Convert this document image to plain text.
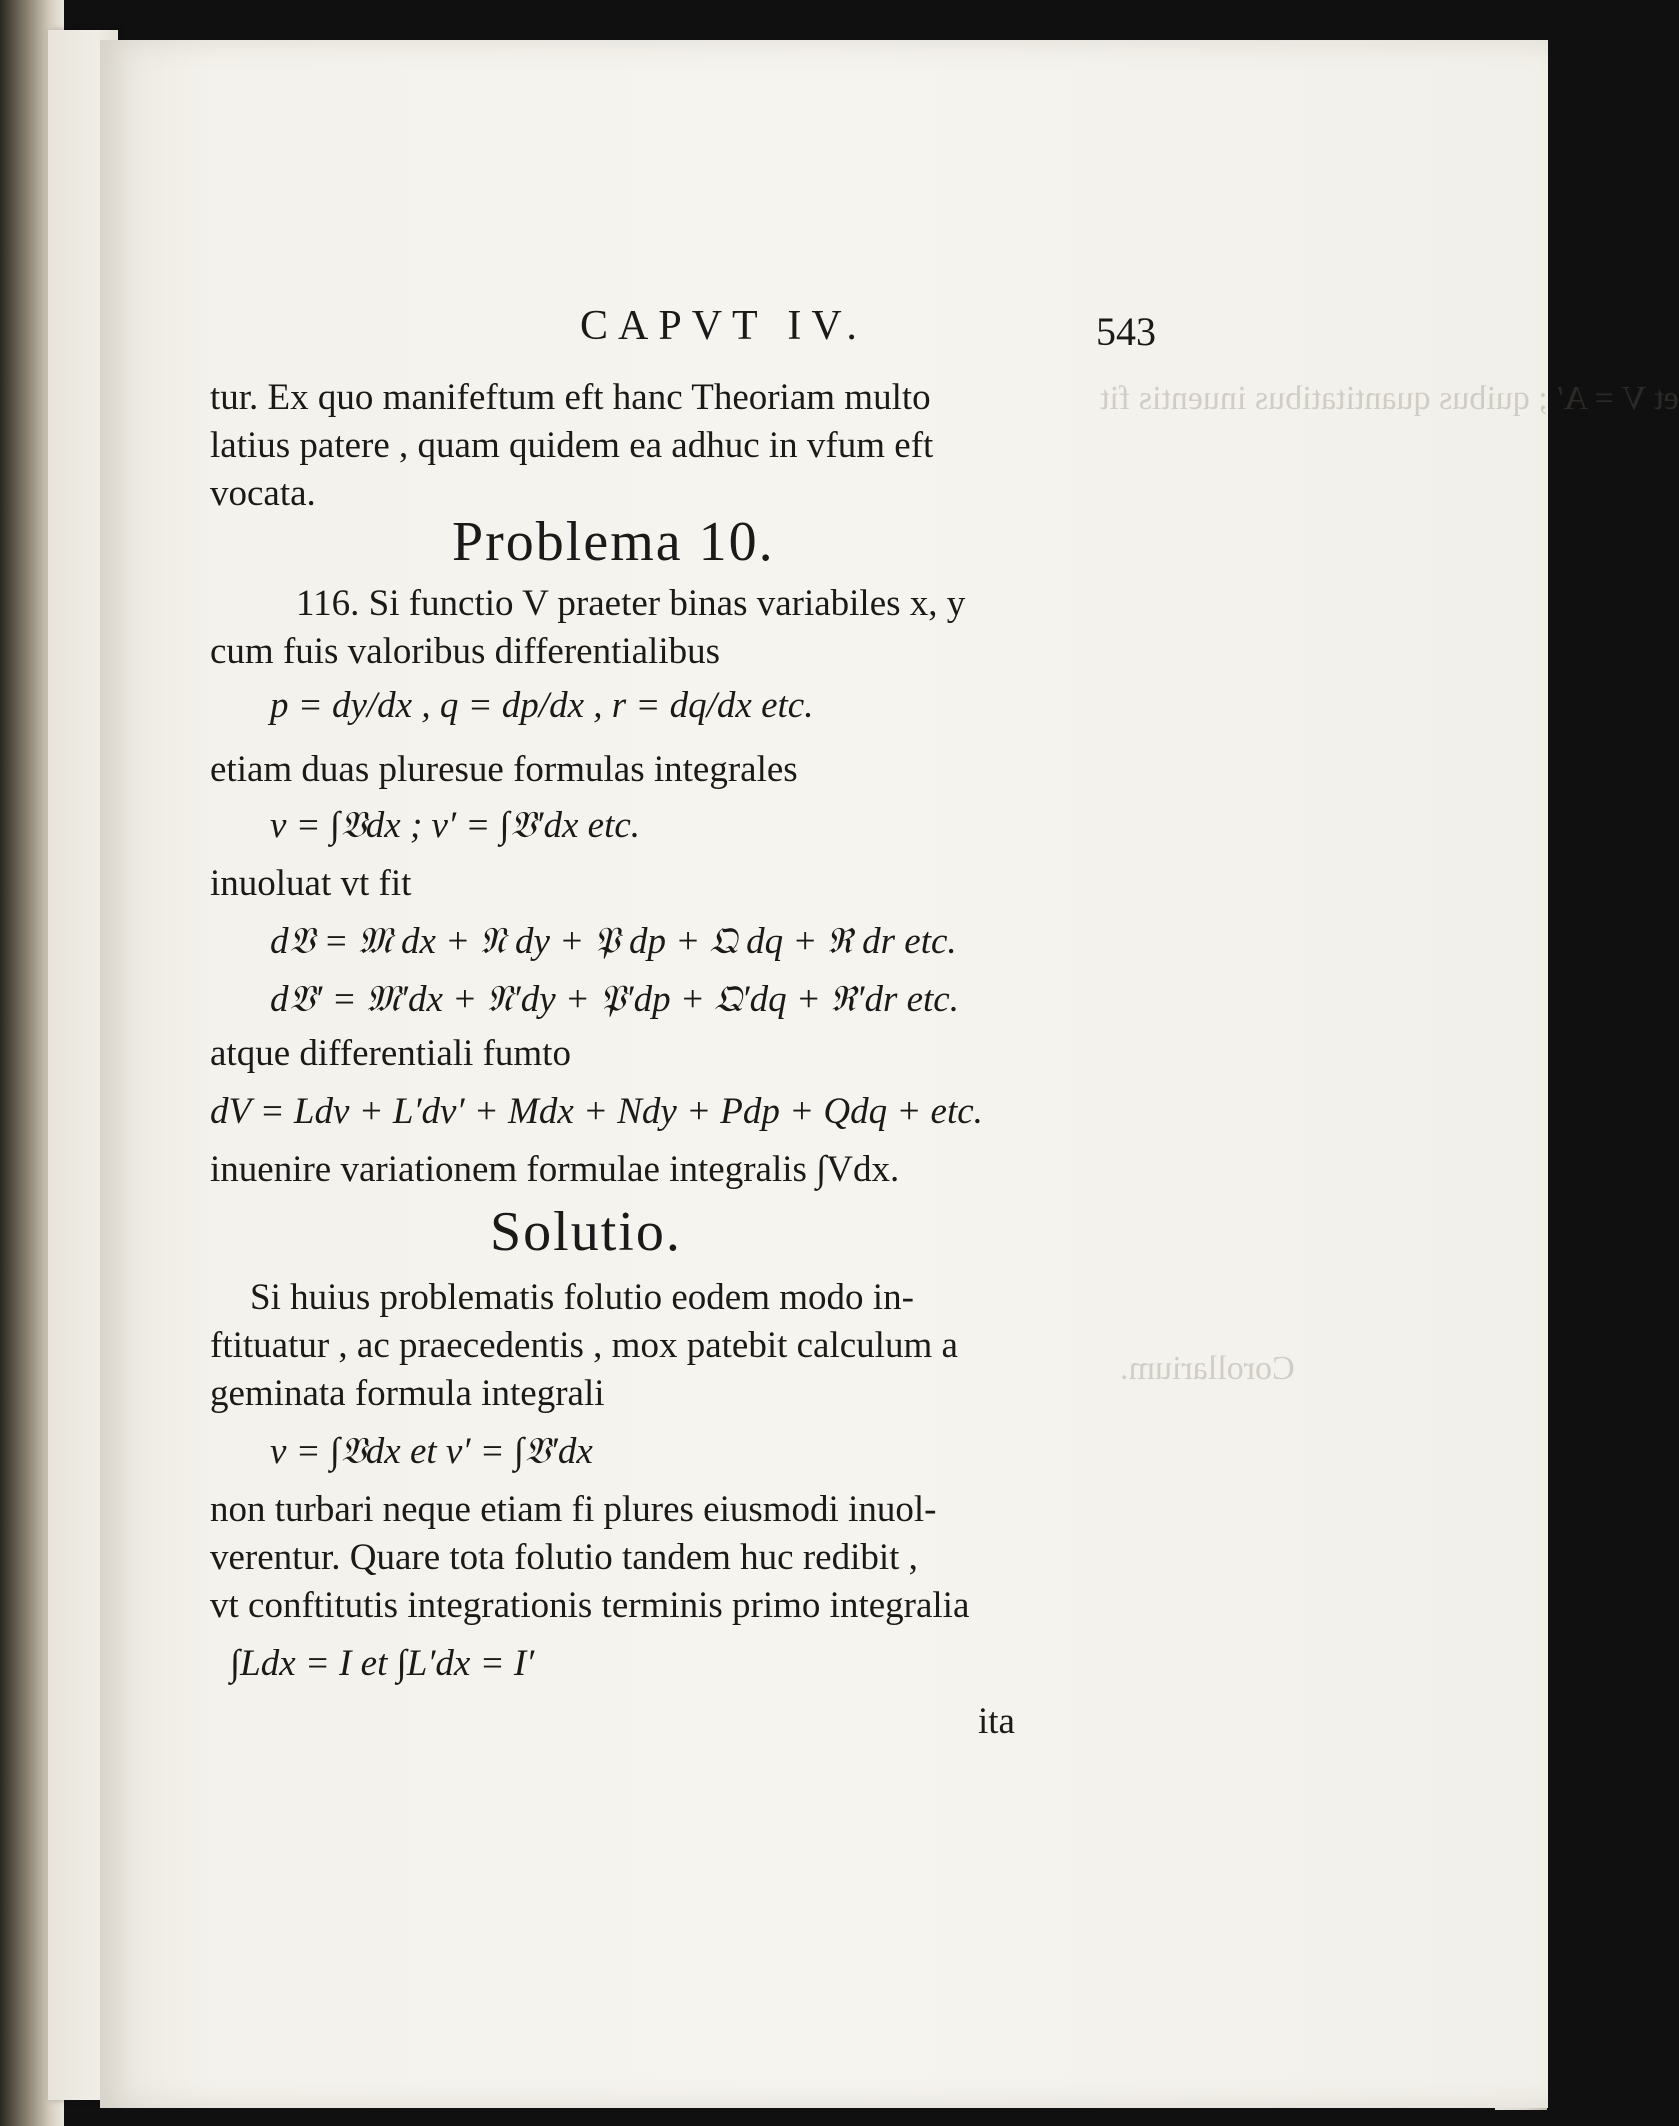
et V = A′ ; quibus quantitatibus inuentis fit
Corollarium.
CAPVT IV.	543
tur. Ex quo manifeftum eft hanc Theoriam multo
latius patere , quam quidem ea adhuc in vfum eft
vocata.
Problema 10.
116. Si functio V praeter binas variabiles x, y
cum fuis valoribus differentialibus
p = dy/dx , q = dp/dx , r = dq/dx etc.
etiam duas pluresue formulas integrales
v = ∫𝔙dx ; v′ = ∫𝔙′dx etc.
inuoluat vt fit
d𝔙 = 𝔐 dx + 𝔑 dy + 𝔓 dp + 𝔔 dq + ℜ dr etc.
d𝔙′ = 𝔐′dx + 𝔑′dy + 𝔓′dp + 𝔔′dq + ℜ′dr etc.
atque differentiali fumto
dV = Ldv + L′dv′ + Mdx + Ndy + Pdp + Qdq + etc.
inuenire variationem formulae integralis ∫Vdx.
Solutio.
Si huius problematis folutio eodem modo in-
ftituatur , ac praecedentis , mox patebit calculum a
geminata formula integrali
v = ∫𝔙dx et v′ = ∫𝔙′dx
non turbari neque etiam fi plures eiusmodi inuol-
verentur. Quare tota folutio tandem huc redibit ,
vt conftitutis integrationis terminis primo integralia
∫Ldx = I et ∫L′dx = I′
ita
